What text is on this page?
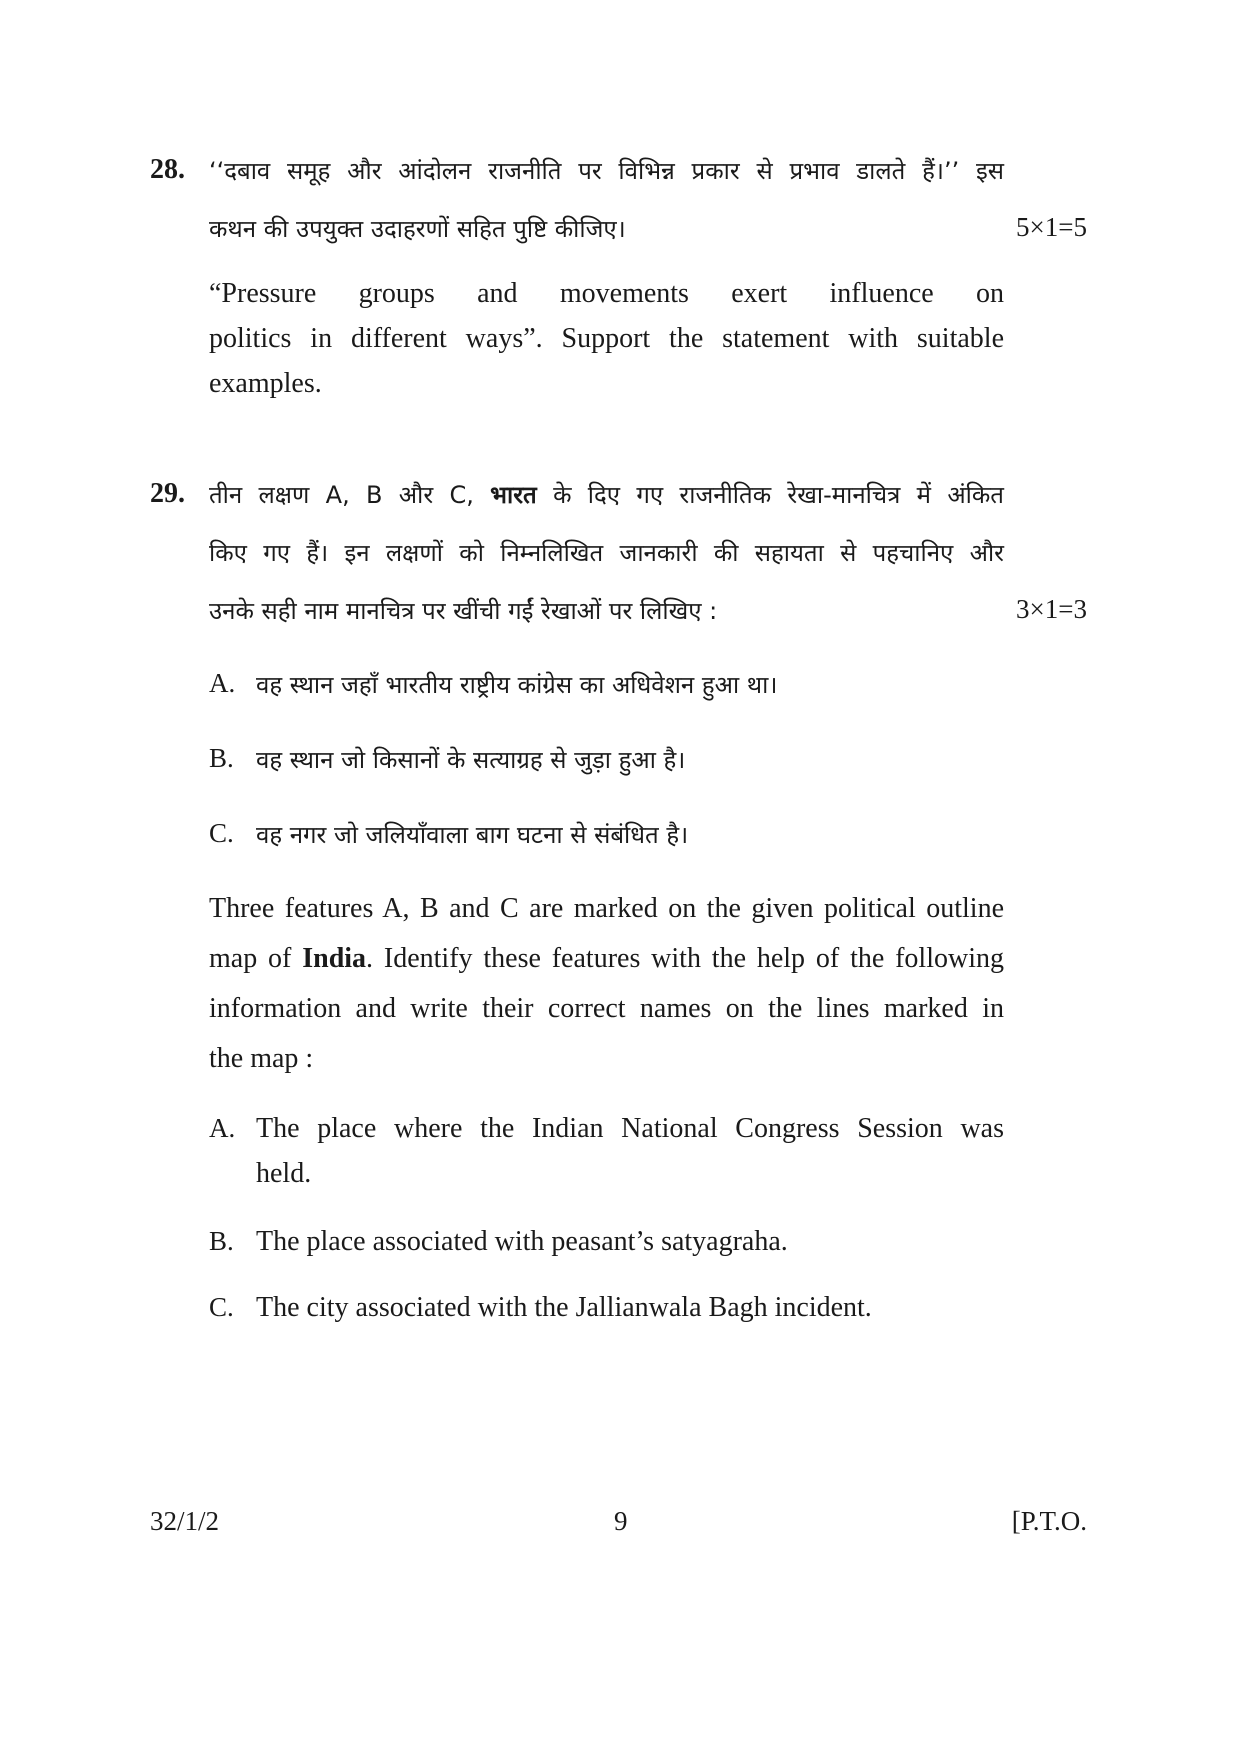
28. ‘‘दबाव समूह और आंदोलन राजनीति पर विभिन्न प्रकार से प्रभाव डालते हैं।’’ इस
कथन की उपयुक्त उदाहरणों सहित पुष्टि कीजिए।	5×1=5
“Pressure groups and movements exert influence on
politics in different ways”. Support the statement with suitable
examples.
29. तीन लक्षण A, B और C, भारत के दिए गए राजनीतिक रेखा-मानचित्र में अंकित
किए गए हैं। इन लक्षणों को निम्नलिखित जानकारी की सहायता से पहचानिए और
उनके सही नाम मानचित्र पर खींची गईं रेखाओं पर लिखिए :	3×1=3
A. वह स्थान जहाँ भारतीय राष्ट्रीय कांग्रेस का अधिवेशन हुआ था।
B. वह स्थान जो किसानों के सत्याग्रह से जुड़ा हुआ है।
C. वह नगर जो जलियाँवाला बाग घटना से संबंधित है।
Three features A, B and C are marked on the given political outline
map of India. Identify these features with the help of the following
information and write their correct names on the lines marked in
the map :
A. The place where the Indian National Congress Session was
held.
B. The place associated with peasant’s satyagraha.
C. The city associated with the Jallianwala Bagh incident.
32/1/2	9	[P.T.O.
